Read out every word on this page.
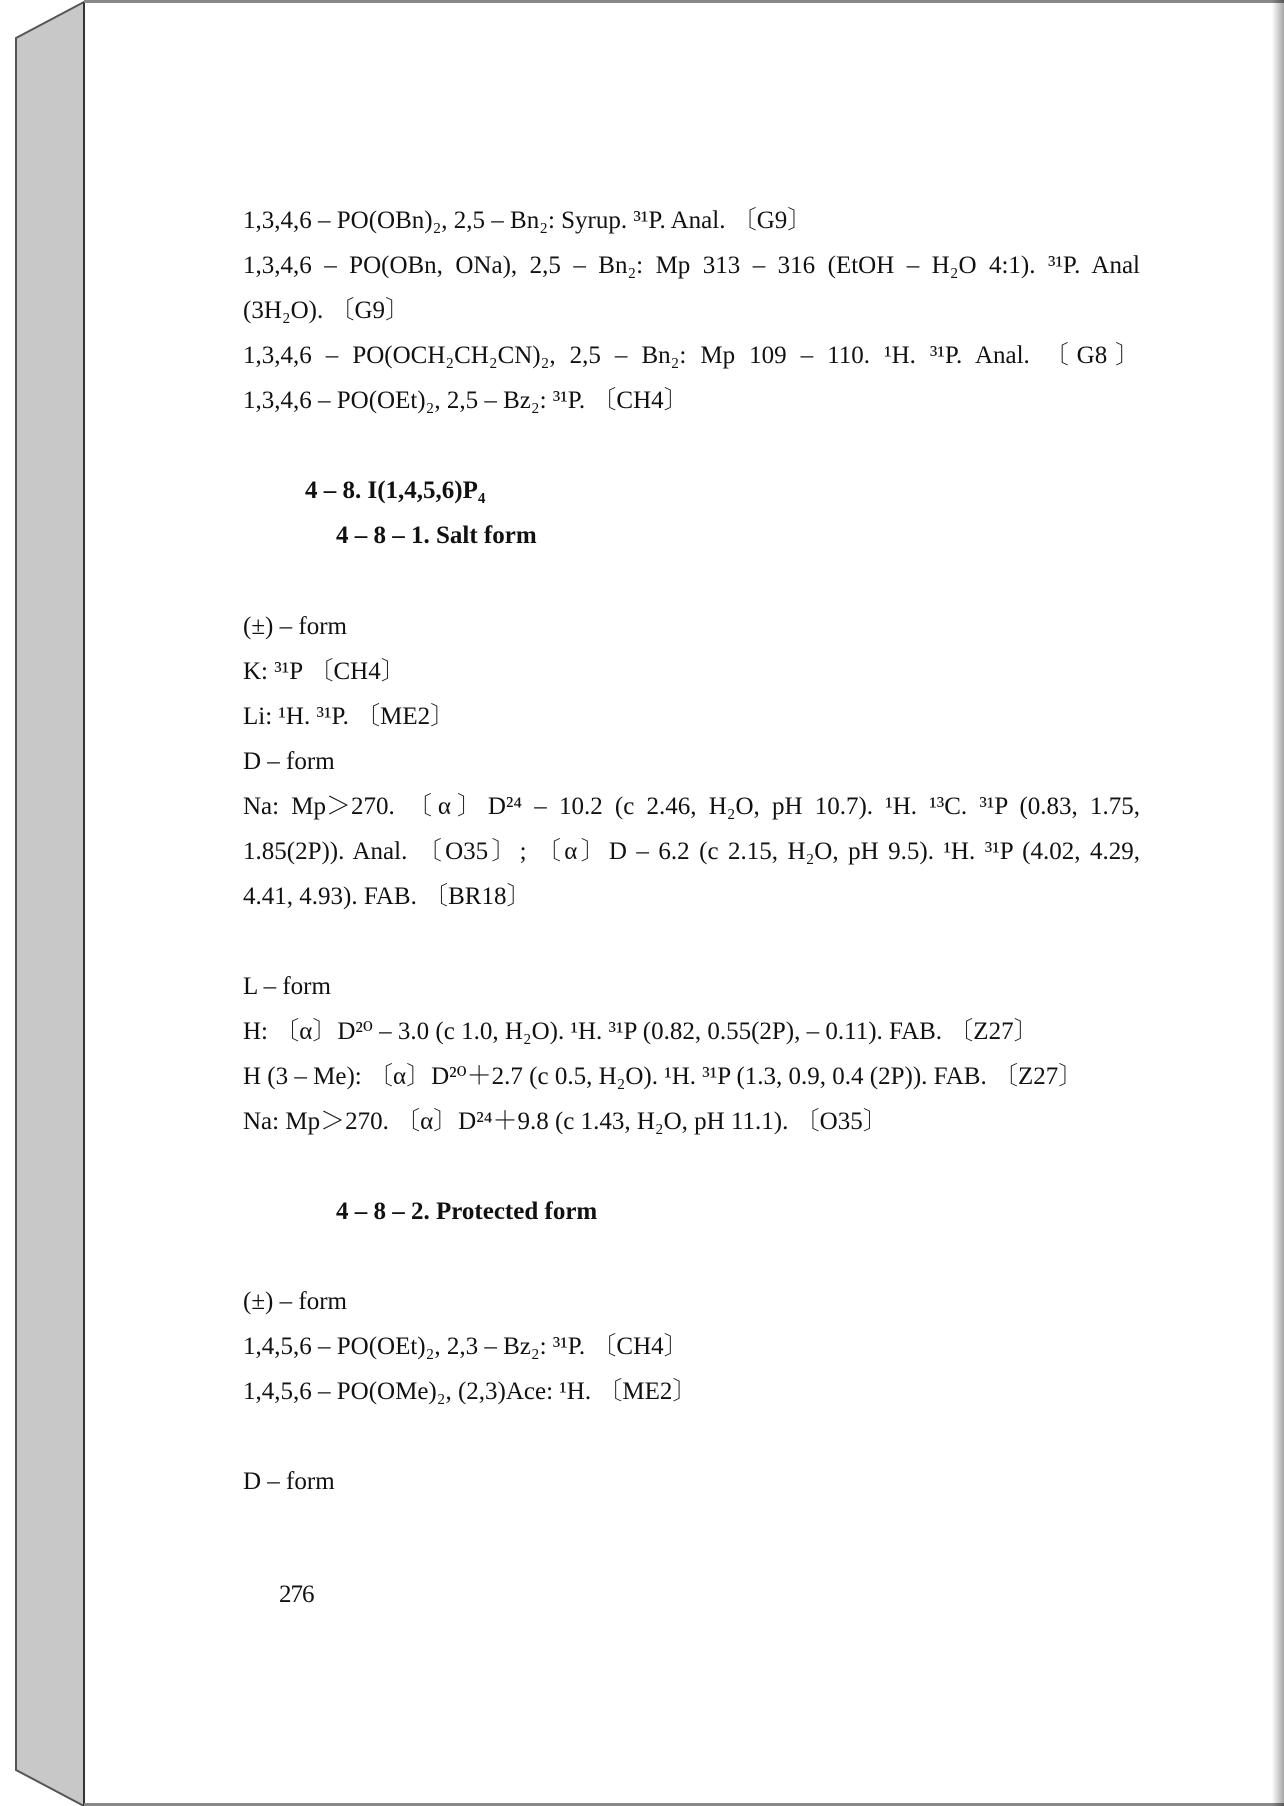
1,3,4,6 – PO(OBn)₂, 2,5 – Bn₂: Syrup. ³¹P. Anal. 〔G9〕
1,3,4,6 – PO(OBn, ONa), 2,5 – Bn₂: Mp 313 – 316 (EtOH – H₂O 4:1). ³¹P. Anal
(3H₂O). 〔G9〕
1,3,4,6 – PO(OCH₂CH₂CN)₂, 2,5 – Bn₂: Mp 109 – 110. ¹H. ³¹P. Anal. 〔G8〕
1,3,4,6 – PO(OEt)₂, 2,5 – Bz₂: ³¹P. 〔CH4〕
4 – 8. I(1,4,5,6)P₄
4 – 8 – 1. Salt form
(±) – form
K: ³¹P 〔CH4〕
Li: ¹H. ³¹P. 〔ME2〕
D – form
Na: Mp＞270. 〔α〕D²⁴ – 10.2 (c 2.46, H₂O, pH 10.7). ¹H. ¹³C. ³¹P (0.83, 1.75,
1.85(2P)). Anal. 〔O35〕; 〔α〕D – 6.2 (c 2.15, H₂O, pH 9.5). ¹H. ³¹P (4.02, 4.29,
4.41, 4.93). FAB. 〔BR18〕
L – form
H: 〔α〕D²⁰ – 3.0 (c 1.0, H₂O). ¹H. ³¹P (0.82, 0.55(2P), – 0.11). FAB. 〔Z27〕
H (3 – Me): 〔α〕D²⁰＋2.7 (c 0.5, H₂O). ¹H. ³¹P (1.3, 0.9, 0.4 (2P)). FAB. 〔Z27〕
Na: Mp＞270. 〔α〕D²⁴＋9.8 (c 1.43, H₂O, pH 11.1). 〔O35〕
4 – 8 – 2. Protected form
(±) – form
1,4,5,6 – PO(OEt)₂, 2,3 – Bz₂: ³¹P. 〔CH4〕
1,4,5,6 – PO(OMe)₂, (2,3)Ace: ¹H. 〔ME2〕
D – form
276
